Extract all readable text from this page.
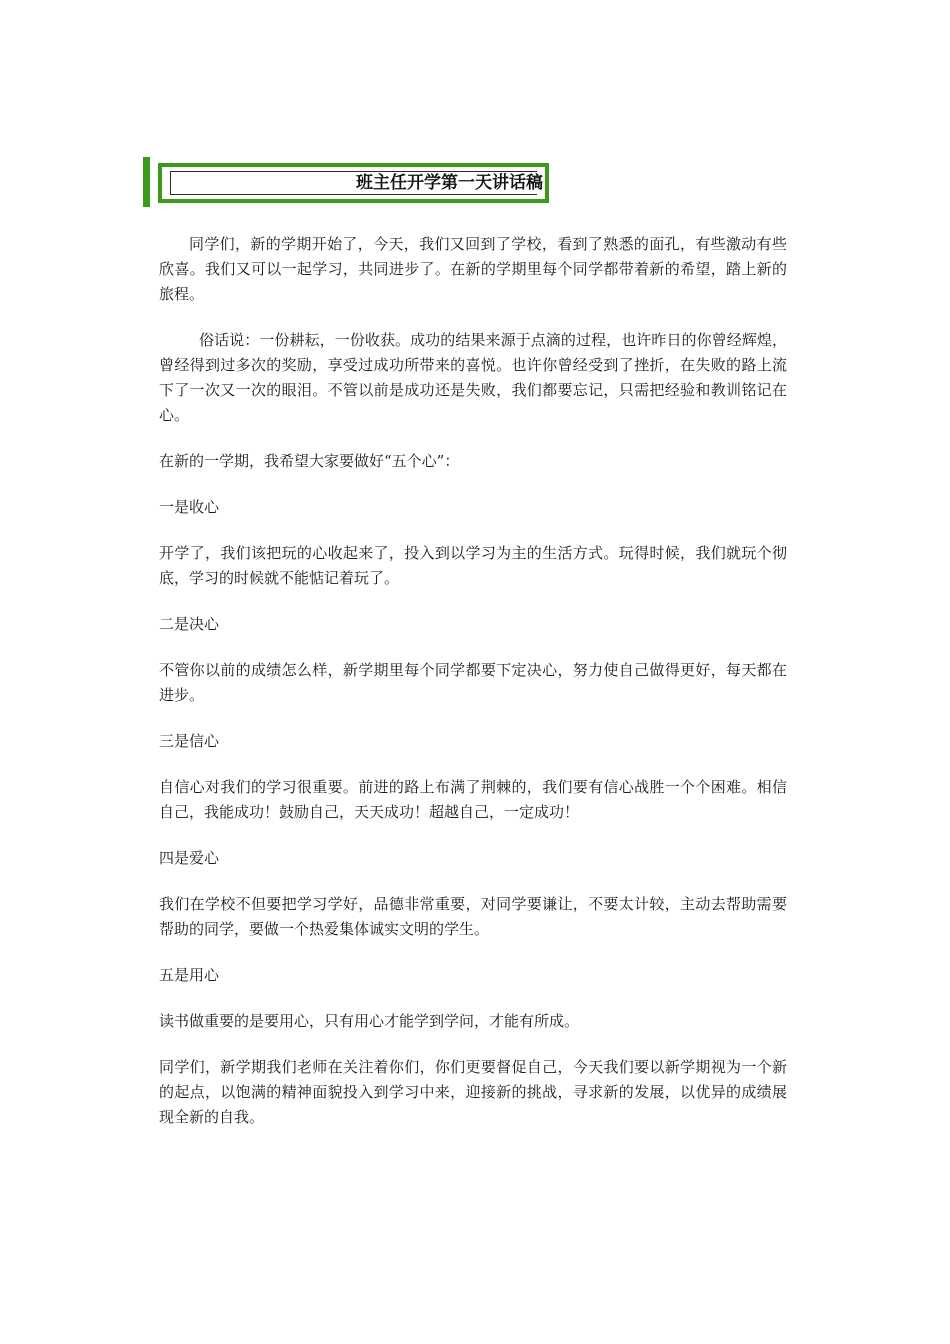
班主任开学第一天讲话稿

同学们，新的学期开始了，今天，我们又回到了学校，看到了熟悉的面孔，有些激动有些欣喜。我们又可以一起学习，共同进步了。在新的学期里每个同学都带着新的希望，踏上新的旅程。

俗话说：一份耕耘，一份收获。成功的结果来源于点滴的过程，也许昨日的你曾经辉煌，曾经得到过多次的奖励，享受过成功所带来的喜悦。也许你曾经受到了挫折，在失败的路上流下了一次又一次的眼泪。不管以前是成功还是失败，我们都要忘记，只需把经验和教训铭记在心。

在新的一学期，我希望大家要做好“五个心”：

一是收心

开学了，我们该把玩的心收起来了，投入到以学习为主的生活方式。玩得时候，我们就玩个彻底，学习的时候就不能惦记着玩了。

二是决心

不管你以前的成绩怎么样，新学期里每个同学都要下定决心，努力使自己做得更好，每天都在进步。

三是信心

自信心对我们的学习很重要。前进的路上布满了荆棘的，我们要有信心战胜一个个困难。相信自己，我能成功！鼓励自己，天天成功！超越自己，一定成功！

四是爱心

我们在学校不但要把学习学好，品德非常重要，对同学要谦让，不要太计较，主动去帮助需要帮助的同学，要做一个热爱集体诚实文明的学生。

五是用心

读书做重要的是要用心，只有用心才能学到学问，才能有所成。

同学们，新学期我们老师在关注着你们，你们更要督促自己，今天我们要以新学期视为一个新的起点，以饱满的精神面貌投入到学习中来，迎接新的挑战，寻求新的发展，以优异的成绩展现全新的自我。
